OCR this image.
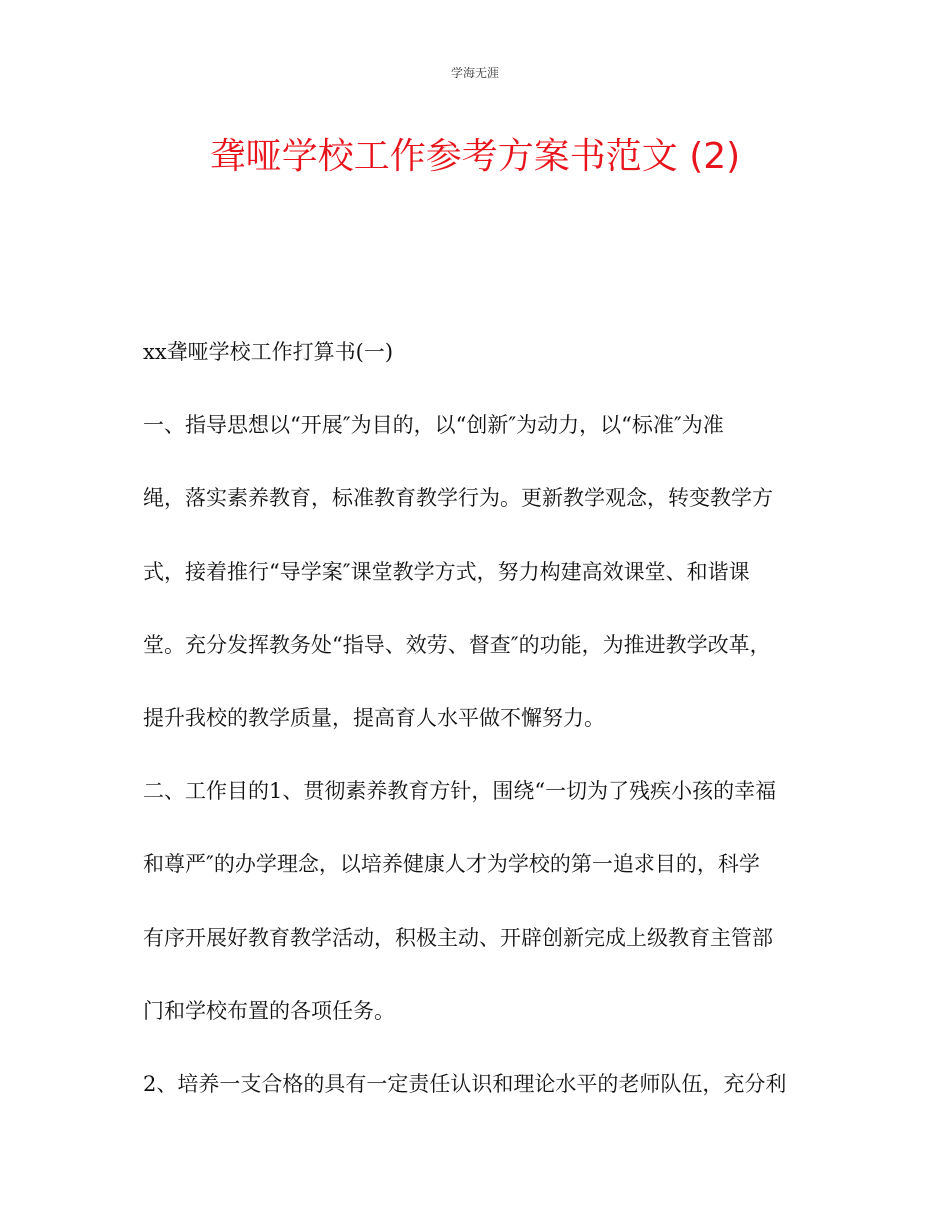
学海无涯
聋哑学校工作参考方案书范文 (2)
xx聋哑学校工作打算书(一)
一、指导思想以“开展″为目的，以“创新″为动力，以“标准″为准
绳，落实素养教育，标准教育教学行为。更新教学观念，转变教学方
式，接着推行“导学案″课堂教学方式，努力构建高效课堂、和谐课
堂。充分发挥教务处“指导、效劳、督查″的功能，为推进教学改革，
提升我校的教学质量，提高育人水平做不懈努力。
二、工作目的1、贯彻素养教育方针，围绕“一切为了残疾小孩的幸福
和尊严″的办学理念，以培养健康人才为学校的第一追求目的，科学
有序开展好教育教学活动，积极主动、开辟创新完成上级教育主管部
门和学校布置的各项任务。
2、培养一支合格的具有一定责任认识和理论水平的老师队伍，充分利
